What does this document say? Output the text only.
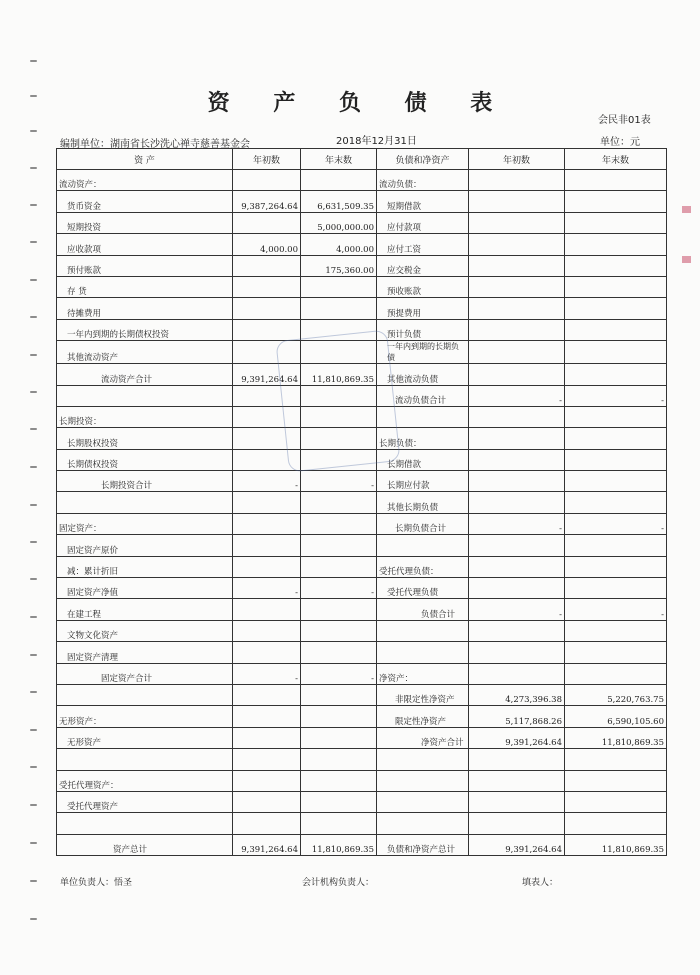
资 产 负 债 表
会民非01表
编制单位：湖南省长沙洗心禅寺慈善基金会	2018年12月31日	单位：元
资 产	年初数	年末数	负债和净资产	年初数	年末数
流动资产：			流动负债：		
货币资金	9,387,264.64	6,631,509.35	短期借款		
短期投资		5,000,000.00	应付款项		
应收款项	4,000.00	4,000.00	应付工资		
预付账款		175,360.00	应交税金		
存 货			预收账款		
待摊费用			预提费用		
一年内到期的长期债权投资			预计负债		
其他流动资产			一年内到期的长期负债		
流动资产合计	9,391,264.64	11,810,869.35	其他流动负债		
			流动负债合计	-	-
长期投资：					
长期股权投资			长期负债：		
长期债权投资			长期借款		
长期投资合计	-	-	长期应付款		
			其他长期负债		
固定资产：			长期负债合计	-	-
固定资产原价					
减：累计折旧			受托代理负债：		
固定资产净值	-	-	受托代理负债		
在建工程			负债合计	-	-
文物文化资产					
固定资产清理					
固定资产合计	-	-	净资产：		
			非限定性净资产	4,273,396.38	5,220,763.75
无形资产：			限定性净资产	5,117,868.26	6,590,105.60
无形资产			净资产合计	9,391,264.64	11,810,869.35

受托代理资产：					
受托代理资产					

资产总计	9,391,264.64	11,810,869.35	负债和净资产总计	9,391,264.64	11,810,869.35
单位负责人：悟圣	会计机构负责人：	填表人：
